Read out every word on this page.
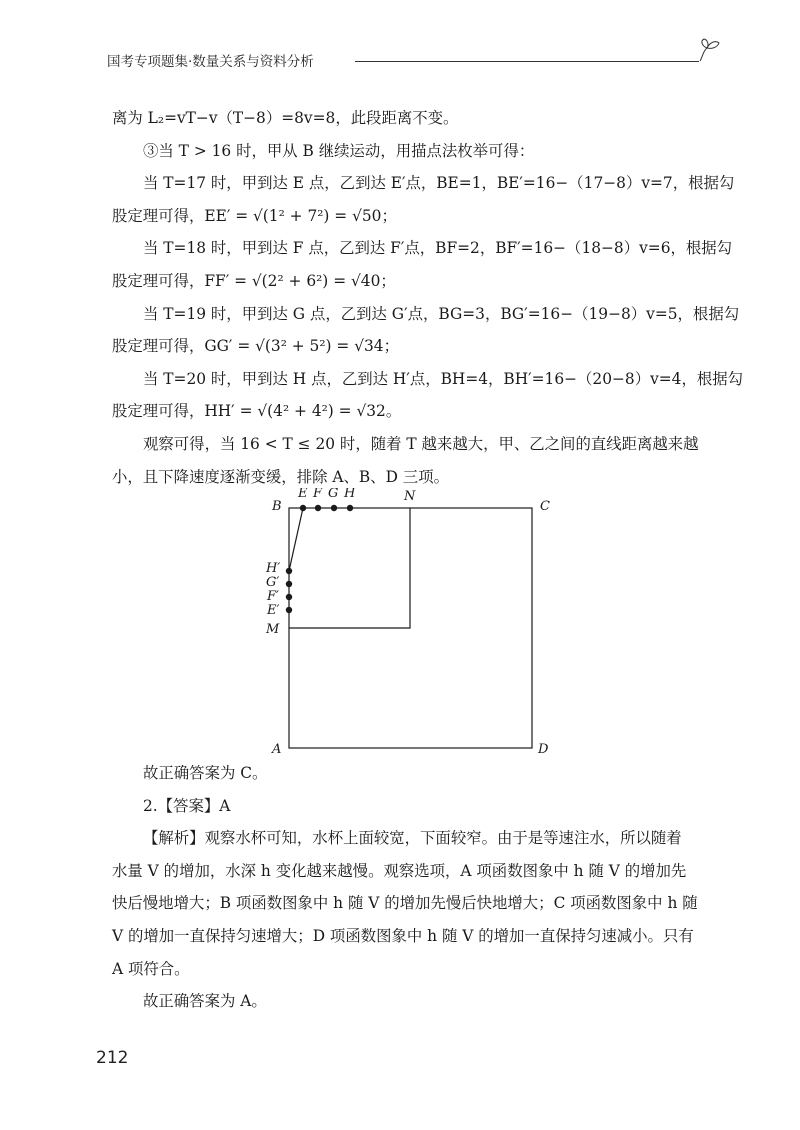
国考专项题集·数量关系与资料分析

离为 L₂=vT−v（T−8）=8v=8，此段距离不变。

③当 T > 16 时，甲从 B 继续运动，用描点法枚举可得：

当 T=17 时，甲到达 E 点，乙到达 E′点，BE=1，BE′=16−（17−8）v=7，根据勾

股定理可得，EE′ = √(1² + 7²) = √50；

当 T=18 时，甲到达 F 点，乙到达 F′点，BF=2，BF′=16−（18−8）v=6，根据勾

股定理可得，FF′ = √(2² + 6²) = √40；

当 T=19 时，甲到达 G 点，乙到达 G′点，BG=3，BG′=16−（19−8）v=5，根据勾

股定理可得，GG′ = √(3² + 5²) = √34；

当 T=20 时，甲到达 H 点，乙到达 H′点，BH=4，BH′=16−（20−8）v=4，根据勾

股定理可得，HH′ = √(4² + 4²) = √32。

观察可得，当 16 < T ≤ 20 时，随着 T 越来越大，甲、乙之间的直线距离越来越

小，且下降速度逐渐变缓，排除 A、B、D 三项。

B
E F G H	N
C
H′
G′
F′
E′
M
A	D

故正确答案为 C。

2.【答案】A

【解析】观察水杯可知，水杯上面较宽，下面较窄。由于是等速注水，所以随着

水量 V 的增加，水深 h 变化越来越慢。观察选项，A 项函数图象中 h 随 V 的增加先

快后慢地增大；B 项函数图象中 h 随 V 的增加先慢后快地增大；C 项函数图象中 h 随

V 的增加一直保持匀速增大；D 项函数图象中 h 随 V 的增加一直保持匀速减小。只有

A 项符合。

故正确答案为 A。

212
